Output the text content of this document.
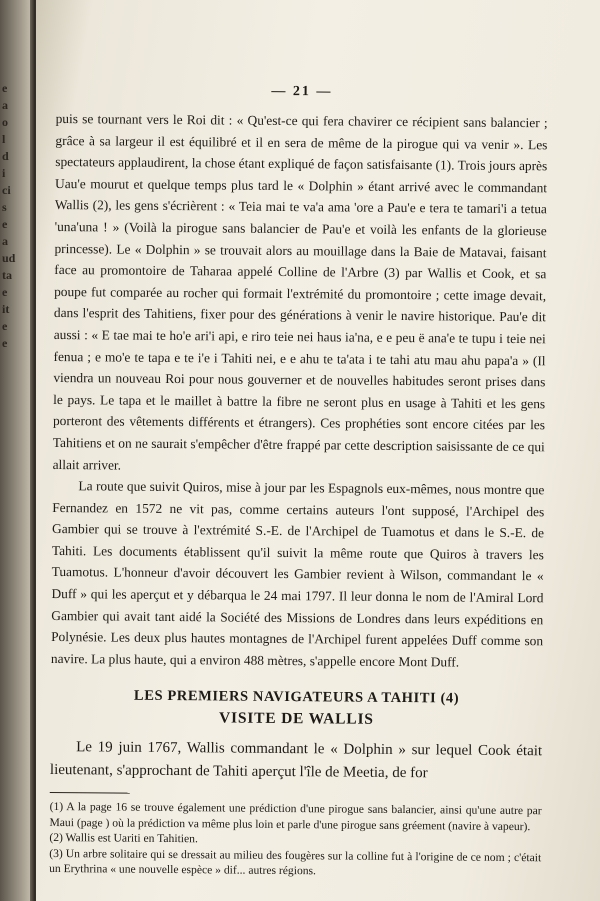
e
a
o
l
d
i
ci
s
e
a
ud
ta
e
it
e
e
— 21 —

puis se tournant vers le Roi dit : « Qu'est-ce qui fera chavirer ce récipient sans balancier ; grâce à sa largeur il est équilibré et il en sera de même de la pirogue qui va venir ». Les spectateurs applaudirent, la chose étant expliqué de façon satisfaisante (1). Trois jours après Uau'e mourut et quelque temps plus tard le « Dolphin » étant arrivé avec le commandant Wallis (2), les gens s'écrièrent : « Teia mai te va'a ama 'ore a Pau'e e tera te tamari'i a tetua 'una'una ! » (Voilà la pirogue sans balancier de Pau'e et voilà les enfants de la glorieuse princesse). Le « Dolphin » se trouvait alors au mouillage dans la Baie de Matavai, faisant face au promontoire de Taharaa appelé Colline de l'Arbre (3) par Wallis et Cook, et sa poupe fut comparée au rocher qui formait l'extrémité du promontoire ; cette image devait, dans l'esprit des Tahitiens, fixer pour des générations à venir le navire historique. Pau'e dit aussi : « E tae mai te ho'e ari'i api, e riro teie nei haus ia'na, e e peu ë ana'e te tupu i teie nei fenua ; e mo'e te tapa e te i'e i Tahiti nei, e e ahu te ta'ata i te tahi atu mau ahu papa'a » (Il viendra un nouveau Roi pour nous gouverner et de nouvelles habitudes seront prises dans le pays. Le tapa et le maillet à battre la fibre ne seront plus en usage à Tahiti et les gens porteront des vêtements différents et étrangers). Ces prophéties sont encore citées par les Tahitiens et on ne saurait s'empêcher d'être frappé par cette description saisissante de ce qui allait arriver.

La route que suivit Quiros, mise à jour par les Espagnols eux-mêmes, nous montre que Fernandez en 1572 ne vit pas, comme certains auteurs l'ont supposé, l'Archipel des Gambier qui se trouve à l'extrémité S.-E. de l'Archipel de Tuamotus et dans le S.-E. de Tahiti. Les documents établissent qu'il suivit la même route que Quiros à travers les Tuamotus. L'honneur d'avoir découvert les Gambier revient à Wilson, commandant le « Duff » qui les aperçut et y débarqua le 24 mai 1797. Il leur donna le nom de l'Amiral Lord Gambier qui avait tant aidé la Société des Missions de Londres dans leurs expéditions en Polynésie. Les deux plus hautes montagnes de l'Archipel furent appelées Duff comme son navire. La plus haute, qui a environ 488 mètres, s'appelle encore Mont Duff.

LES PREMIERS NAVIGATEURS A TAHITI (4)
VISITE DE WALLIS

Le 19 juin 1767, Wallis commandant le « Dolphin » sur lequel Cook était lieutenant, s'approchant de Tahiti aperçut l'île de Meetia, de for

(1) A la page 16 se trouve également une prédiction d'une pirogue sans balancier, ainsi qu'une autre par Maui (page ) où la prédiction va même plus loin et parle d'une pirogue sans gréement (navire à vapeur).

(2) Wallis est Uariti en Tahitien.

(3) Un arbre solitaire qui se dressait au milieu des fougères sur la colline fut à l'origine de ce nom ; c'était un Erythrina « une nouvelle espèce » dif... autres régions.
